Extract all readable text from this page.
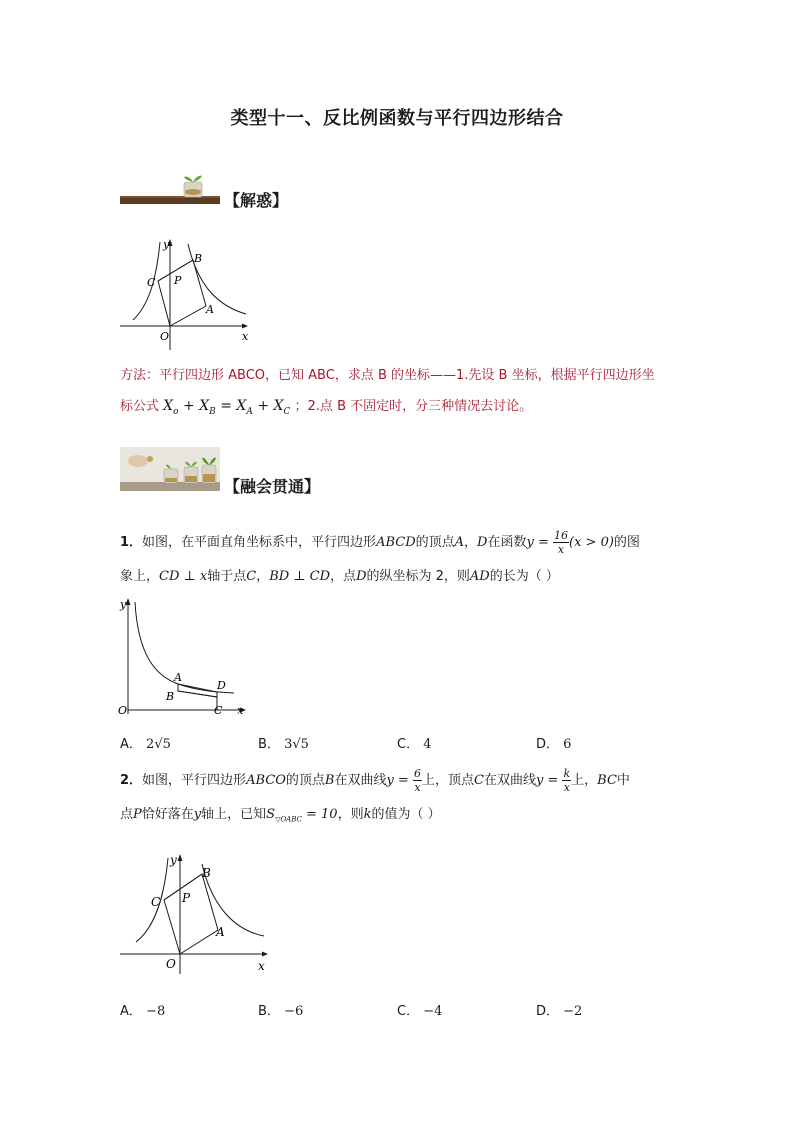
类型十一、反比例函数与平行四边形结合
【解惑】
y
x
O
A
B
C P
方法：平行四边形 ABCO，已知 ABC，求点 B 的坐标——1.先设 B 坐标，根据平行四边形坐
标公式 $X_o + X_B = X_A + X_C$ ；2.点 B 不固定时，分三种情况去讨论。
【融会贯通】
1．如图，在平面直角坐标系中，平行四边形ABCD的顶点A，D在函数$y = \frac{16}{x} (x > 0)$的图
象上，CD ⊥ x轴于点C，BD ⊥ CD，点D的纵坐标为 2，则AD的长为（ ）
y
x
O
A
B
C
D
A． 2√5	B． 3√5	C． 4	D． 6
2．如图，平行四边形ABCO的顶点B在双曲线$y = \frac{6}{x}$ 上，顶点C在双曲线$y = \frac{k}{x}$ 上，BC中
点P恰好落在y轴上，已知$S_{▽OABC} = 10$，则k的值为（ ）
y
x
O
A
B
C P
A． −8	B． −6	C． −4	D． −2
